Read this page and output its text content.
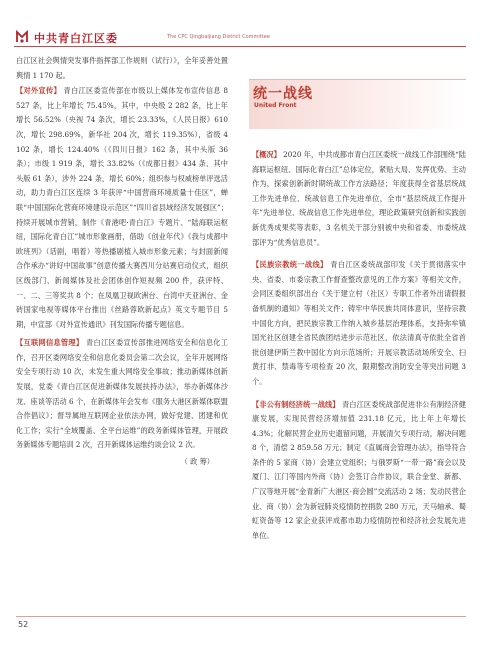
中共青白江区委	The CPC Qingbaijiang District Committee

白江区社会舆情突发事件指挥部工作规则（试行）》，全年妥善处置舆情 1 170 起。

【对外宣传】 青白江区委宣传部在市级以上媒体发布宣传信息 8 527 条，比上年增长 75.45%。其中，中央级 2 282 条，比上年增长 56.52%（央视 74 条次，增长 23.33%，《人民日报》610 次，增长 298.69%，新华社 204 次，增长 119.35%），省级 4 102 条，增长 124.40%（《四川日报》162 条，其中头版 36 条）；市级 1 919 条，增长 33.82%（《成都日报》434 条、其中头版 61 条），涉外 224 条，增长 60%；组织参与权威榜单评选活动，助力青白江区连续 3 年获评“中国营商环境质量十佳区”，蝉联“中国国际化营商环境建设示范区”“四川省县域经济发展强区”；持续开展城市营销，制作《青港吧·青白江》专题片、“陆海联运枢纽，国际化青白江”城市形象画册，借助《创业年代》《我与成都中欧班列》（话剧，唱着）等热播剧植入城市形象元素；与封面新闻合作承办“讲好中国故事”创意传播大赛西川分站赛启动仪式，组织区级部门、新闻媒体及社会团体创作短视频 200 件，获评特、一、二、三等奖共 8 个；在凤凰卫视欧洲台、台湾中天亚洲台、金砖国家电视等媒体平台推出《丝路蓉欧新起点》英文专题节目 5 期，中宣部《对外宣传通讯》刊发国际传播专题信息。

【互联网信息管理】 青白江区委宣传部推进网络安全和信息化工作，召开区委网络安全和信息化委员会第二次会议，全年开展网络安全专项行动 10 次，未发生重大网络安全事故；推动新媒体创新发展，党委《青白江区促进新媒体发展扶持办法》，举办新媒体沙龙、座谈等活动 6 个，在新媒体年会发布《服务大港区新媒体联盟合作倡议》；督导属地互联网企业依法办网，做好党建、团建和优化工作；实行“全域覆盖、全平台运维”的政务新媒体管理，开展政务新媒体专题培训 2 次，召开新媒体运维约谈会议 2 次。

（ 政 筹）
统一战线
United Front

【概况】 2020 年，中共成都市青白江区委统一战线工作部围绕“陆海联运枢纽、国际化青白江”总体定位，紧贴大局、发挥优势、主动作为，探索创新新时期统战工作方法路径；年度获得全省基层统战工作先进单位、统战信息工作先进单位，全市“基层统战工作提升年”先进单位、统战信息工作先进单位，理论政策研究创新和实践创新优秀成果奖等表彰，3 名机关干部分别被中央和省委、市委统战部评为“优秀信息员”。

【民族宗教统一战线】 青白江区委统战部印发《关于贯彻落实中央、省委、市委宗教工作督查整改意见的工作方案》等相关文件，会同区委组织部出台《关于建立村（社区）专职工作者外出请假报备机制的通知》等相关文件；铸牢中华民族共同体意识，坚持宗教中国化方向，把民族宗教工作纳入城乡基层治理体系，支持弥牟镇国光社区创建全省民族团结进步示范社区，依法清真寺依批全省首批创建伊斯兰教中国化方向示范场所；开展宗教活动场所安全、扫黄打非、禁毒等专项检查 20 次，限期整改消防安全等突出问题 3 个。

【非公有制经济统一战线】 青白江区委统战部促进非公有制经济健康发展，实现民营经济增加值 231.18 亿元，比上年上年增长 4.3%；化解民营企业历史遗留问题，开展清欠专项行动，解决问题 8 个，清偿 2 859.58 万元；制定《直属商会管理办法》，指导符合条件的 5 家商（协）会建立党组织；与俄罗斯“一带一路”商会以及厦门、江门等国内外商（协）会签订合作协议，联合金堂、新都、广汉等地开展“金青新广大港区·商会圆”交流活动 2 场；发动民营企业、商（协）会为新冠肺炎疫情防控捐款 280 万元，天马轴承、蜀虹资备等 12 家企业获评成都市助力疫情防控和经济社会发展先进单位。

52
